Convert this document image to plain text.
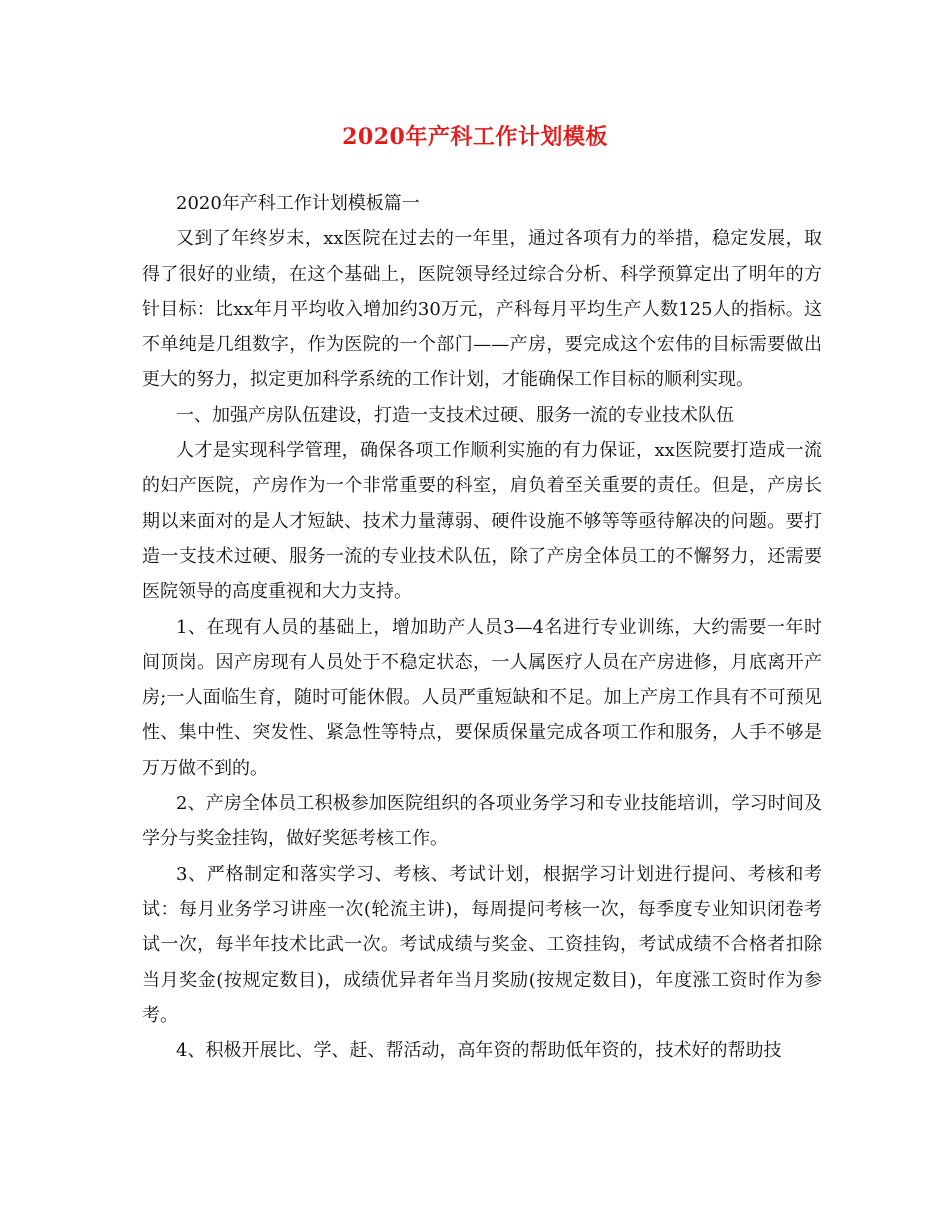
2020年产科工作计划模板

2020年产科工作计划模板篇一

又到了年终岁末，xx医院在过去的一年里，通过各项有力的举措，稳定发展，取得了很好的业绩，在这个基础上，医院领导经过综合分析、科学预算定出了明年的方针目标：比xx年月平均收入增加约30万元，产科每月平均生产人数125人的指标。这不单纯是几组数字，作为医院的一个部门——产房，要完成这个宏伟的目标需要做出更大的努力，拟定更加科学系统的工作计划，才能确保工作目标的顺利实现。

一、加强产房队伍建设，打造一支技术过硬、服务一流的专业技术队伍

人才是实现科学管理，确保各项工作顺利实施的有力保证，xx医院要打造成一流的妇产医院，产房作为一个非常重要的科室，肩负着至关重要的责任。但是，产房长期以来面对的是人才短缺、技术力量薄弱、硬件设施不够等等亟待解决的问题。要打造一支技术过硬、服务一流的专业技术队伍，除了产房全体员工的不懈努力，还需要医院领导的高度重视和大力支持。

1、在现有人员的基础上，增加助产人员3—4名进行专业训练，大约需要一年时间顶岗。因产房现有人员处于不稳定状态，一人属医疗人员在产房进修，月底离开产房;一人面临生育，随时可能休假。人员严重短缺和不足。加上产房工作具有不可预见性、集中性、突发性、紧急性等特点，要保质保量完成各项工作和服务，人手不够是万万做不到的。

2、产房全体员工积极参加医院组织的各项业务学习和专业技能培训，学习时间及学分与奖金挂钩，做好奖惩考核工作。

3、严格制定和落实学习、考核、考试计划，根据学习计划进行提问、考核和考试：每月业务学习讲座一次(轮流主讲)，每周提问考核一次，每季度专业知识闭卷考试一次，每半年技术比武一次。考试成绩与奖金、工资挂钩，考试成绩不合格者扣除当月奖金(按规定数目)，成绩优异者年当月奖励(按规定数目)，年度涨工资时作为参考。

4、积极开展比、学、赶、帮活动，高年资的帮助低年资的，技术好的帮助技
